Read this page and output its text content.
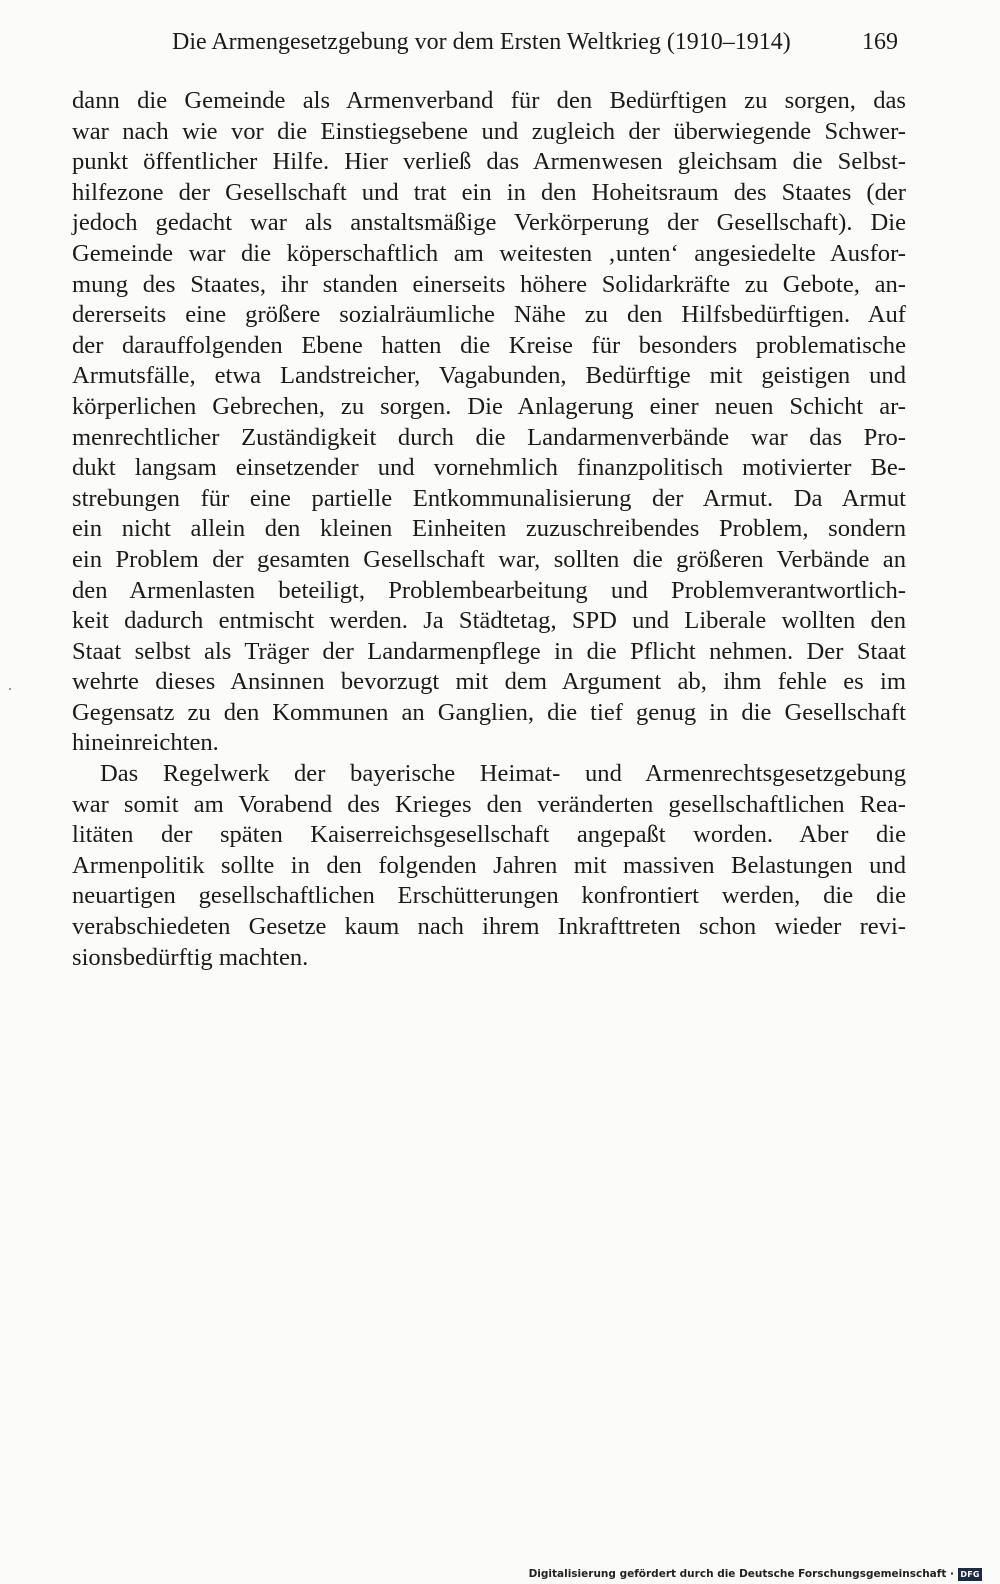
Die Armengesetzgebung vor dem Ersten Weltkrieg (1910–1914)	169

dann die Gemeinde als Armenverband für den Bedürftigen zu sorgen, das
war nach wie vor die Einstiegsebene und zugleich der überwiegende Schwer-
punkt öffentlicher Hilfe. Hier verließ das Armenwesen gleichsam die Selbst-
hilfezone der Gesellschaft und trat ein in den Hoheitsraum des Staates (der
jedoch gedacht war als anstaltsmäßige Verkörperung der Gesellschaft). Die
Gemeinde war die köperschaftlich am weitesten ‚unten‘ angesiedelte Ausfor-
mung des Staates, ihr standen einerseits höhere Solidarkräfte zu Gebote, an-
dererseits eine größere sozialräumliche Nähe zu den Hilfsbedürftigen. Auf
der darauffolgenden Ebene hatten die Kreise für besonders problematische
Armutsfälle, etwa Landstreicher, Vagabunden, Bedürftige mit geistigen und
körperlichen Gebrechen, zu sorgen. Die Anlagerung einer neuen Schicht ar-
menrechtlicher Zuständigkeit durch die Landarmenverbände war das Pro-
dukt langsam einsetzender und vornehmlich finanzpolitisch motivierter Be-
strebungen für eine partielle Entkommunalisierung der Armut. Da Armut
ein nicht allein den kleinen Einheiten zuzuschreibendes Problem, sondern
ein Problem der gesamten Gesellschaft war, sollten die größeren Verbände an
den Armenlasten beteiligt, Problembearbeitung und Problemverantwortlich-
keit dadurch entmischt werden. Ja Städtetag, SPD und Liberale wollten den
Staat selbst als Träger der Landarmenpflege in die Pflicht nehmen. Der Staat
wehrte dieses Ansinnen bevorzugt mit dem Argument ab, ihm fehle es im
Gegensatz zu den Kommunen an Ganglien, die tief genug in die Gesellschaft
hineinreichten.

Das Regelwerk der bayerische Heimat- und Armenrechtsgesetzgebung
war somit am Vorabend des Krieges den veränderten gesellschaftlichen Rea-
litäten der späten Kaiserreichsgesellschaft angepaßt worden. Aber die
Armenpolitik sollte in den folgenden Jahren mit massiven Belastungen und
neuartigen gesellschaftlichen Erschütterungen konfrontiert werden, die die
verabschiedeten Gesetze kaum nach ihrem Inkrafttreten schon wieder revi-
sionsbedürftig machten.

Digitalisierung gefördert durch die Deutsche Forschungsgemeinschaft · DFG
